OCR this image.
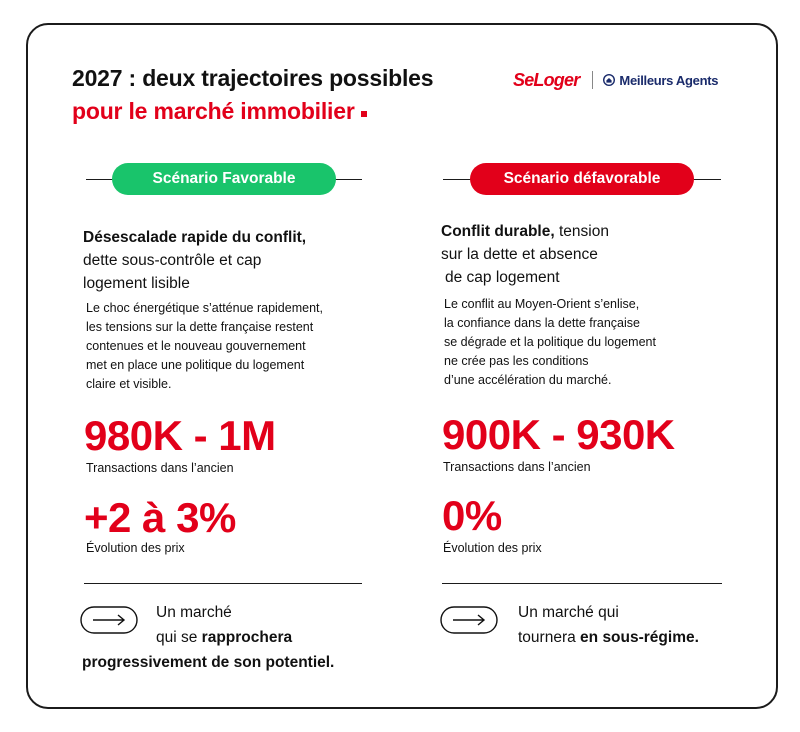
2027 : deux trajectoires possibles
pour le marché immobilier
SeLoger	Meilleurs Agents
Scénario Favorable

Désescalade rapide du conflit,
dette sous-contrôle et cap
logement lisible

Le choc énergétique s’atténue rapidement,
les tensions sur la dette française restent
contenues et le nouveau gouvernement
met en place une politique du logement
claire et visible.

980K - 1M
Transactions dans l’ancien
+2 à 3%
Évolution des prix

Un marché
qui se rapprochera
progressivement de son potentiel.

Scénario défavorable

Conflit durable, tension
sur la dette et absence
de cap logement

Le conflit au Moyen-Orient s’enlise,
la confiance dans la dette française
se dégrade et la politique du logement
ne crée pas les conditions
d’une accélération du marché.

900K - 930K
Transactions dans l’ancien
0%
Évolution des prix

Un marché qui
tournera en sous-régime.
